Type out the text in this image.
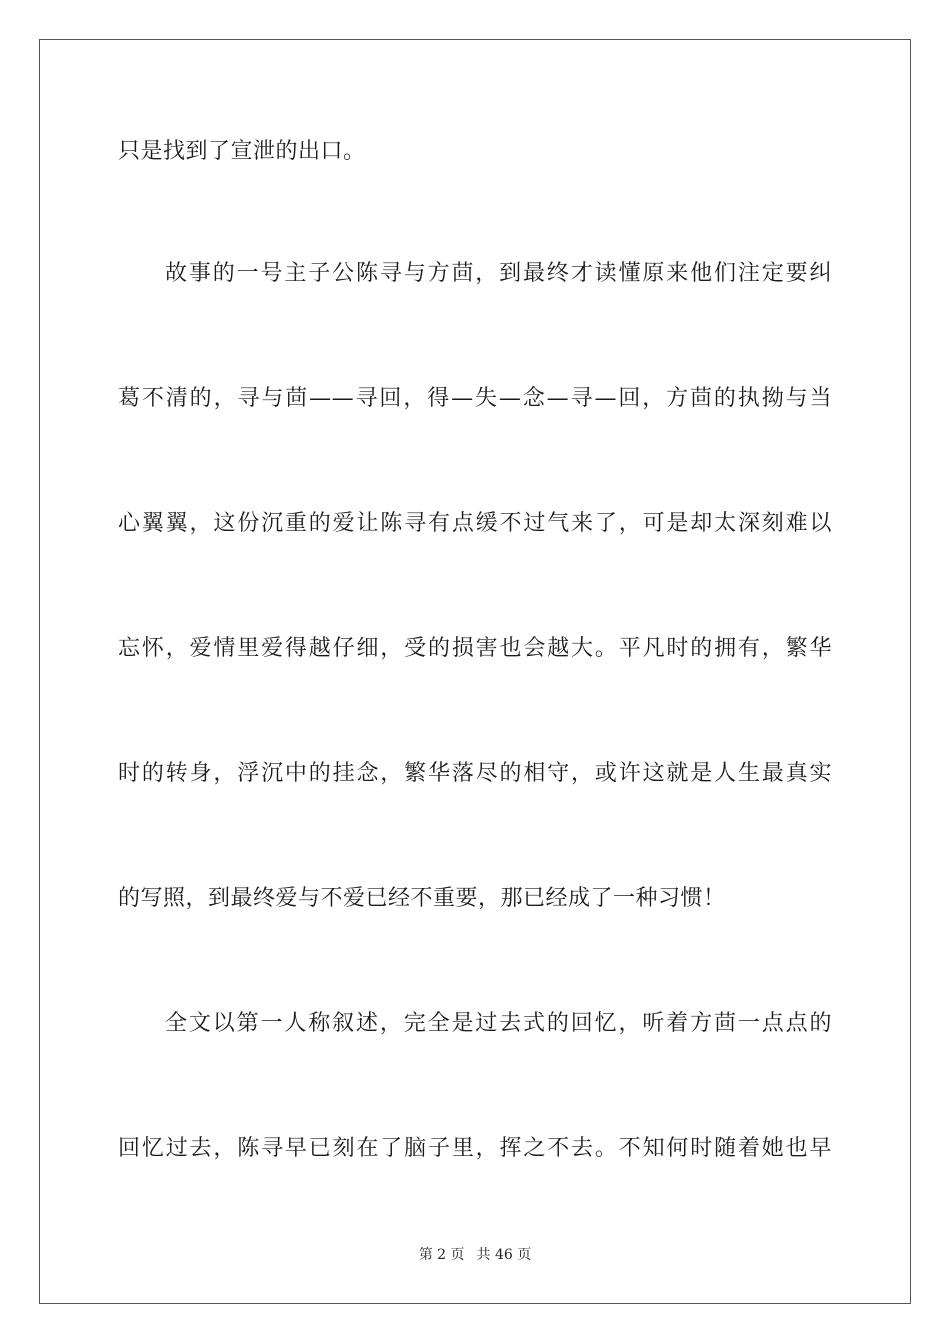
只是找到了宣泄的出口。
故事的一号主子公陈寻与方茴，到最终才读懂原来他们注定要纠
葛不清的，寻与茴——寻回，得—失—念—寻—回，方茴的执拗与当
心翼翼，这份沉重的爱让陈寻有点缓不过气来了，可是却太深刻难以
忘怀，爱情里爱得越仔细，受的损害也会越大。平凡时的拥有，繁华
时的转身，浮沉中的挂念，繁华落尽的相守，或许这就是人生最真实
的写照，到最终爱与不爱已经不重要，那已经成了一种习惯！
全文以第一人称叙述，完全是过去式的回忆，听着方茴一点点的
回忆过去，陈寻早已刻在了脑子里，挥之不去。不知何时随着她也早
第 2 页 共 46 页
